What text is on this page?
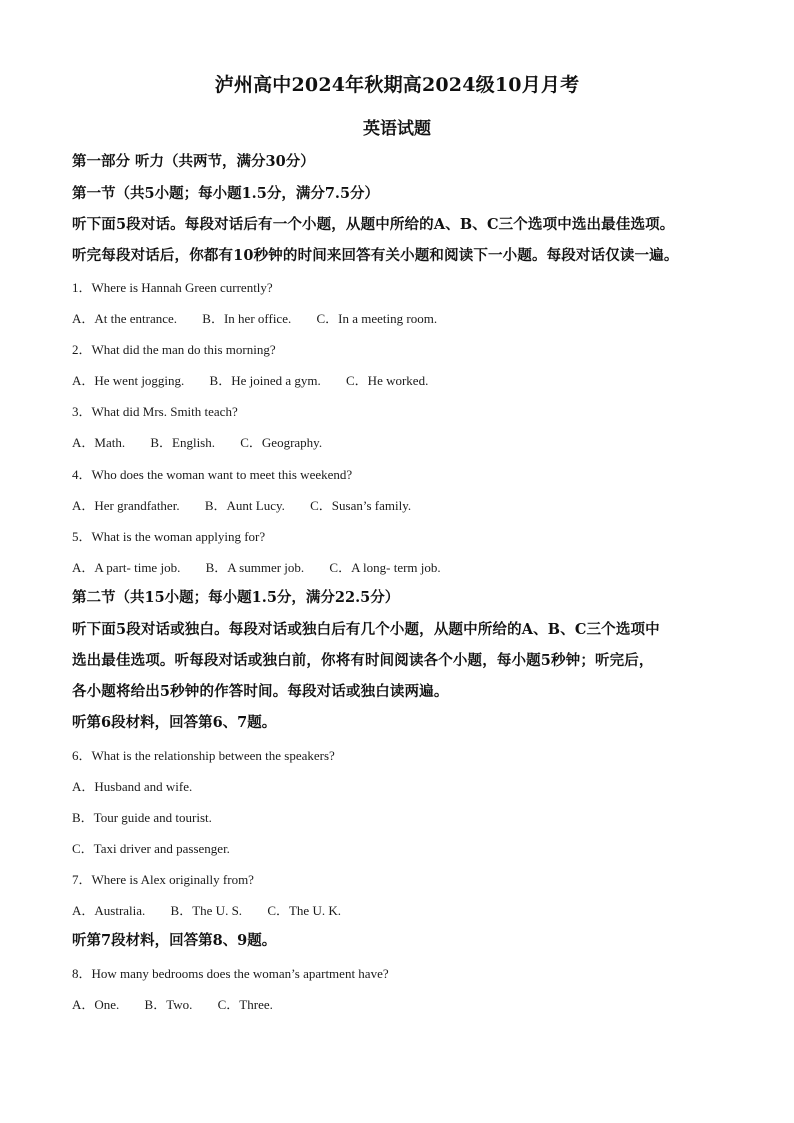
泸州高中2024年秋期高2024级10月月考
英语试题
第一部分 听力（共两节，满分30分）
第一节（共5小题；每小题1.5分，满分7.5分）
听下面5段对话。每段对话后有一个小题，从题中所给的A、B、C三个选项中选出最佳选项。
听完每段对话后，你都有10秒钟的时间来回答有关小题和阅读下一小题。每段对话仅读一遍。
1．Where is Hannah Green currently?
A．At the entrance. B．In her office. C．In a meeting room.
2．What did the man do this morning?
A．He went jogging. B．He joined a gym. C．He worked.
3．What did Mrs. Smith teach?
A．Math. B．English. C．Geography.
4．Who does the woman want to meet this weekend?
A．Her grandfather. B．Aunt Lucy. C．Susan’s family.
5．What is the woman applying for?
A．A part- time job. B．A summer job. C．A long- term job.
第二节（共15小题；每小题1.5分，满分22.5分）
听下面5段对话或独白。每段对话或独白后有几个小题，从题中所给的A、B、C三个选项中
选出最佳选项。听每段对话或独白前，你将有时间阅读各个小题，每小题5秒钟；听完后，
各小题将给出5秒钟的作答时间。每段对话或独白读两遍。
听第6段材料，回答第6、7题。
6．What is the relationship between the speakers?
A．Husband and wife.
B．Tour guide and tourist.
C．Taxi driver and passenger.
7．Where is Alex originally from?
A．Australia. B．The U. S. C．The U. K.
听第7段材料，回答第8、9题。
8．How many bedrooms does the woman’s apartment have?
A．One. B．Two. C．Three.
